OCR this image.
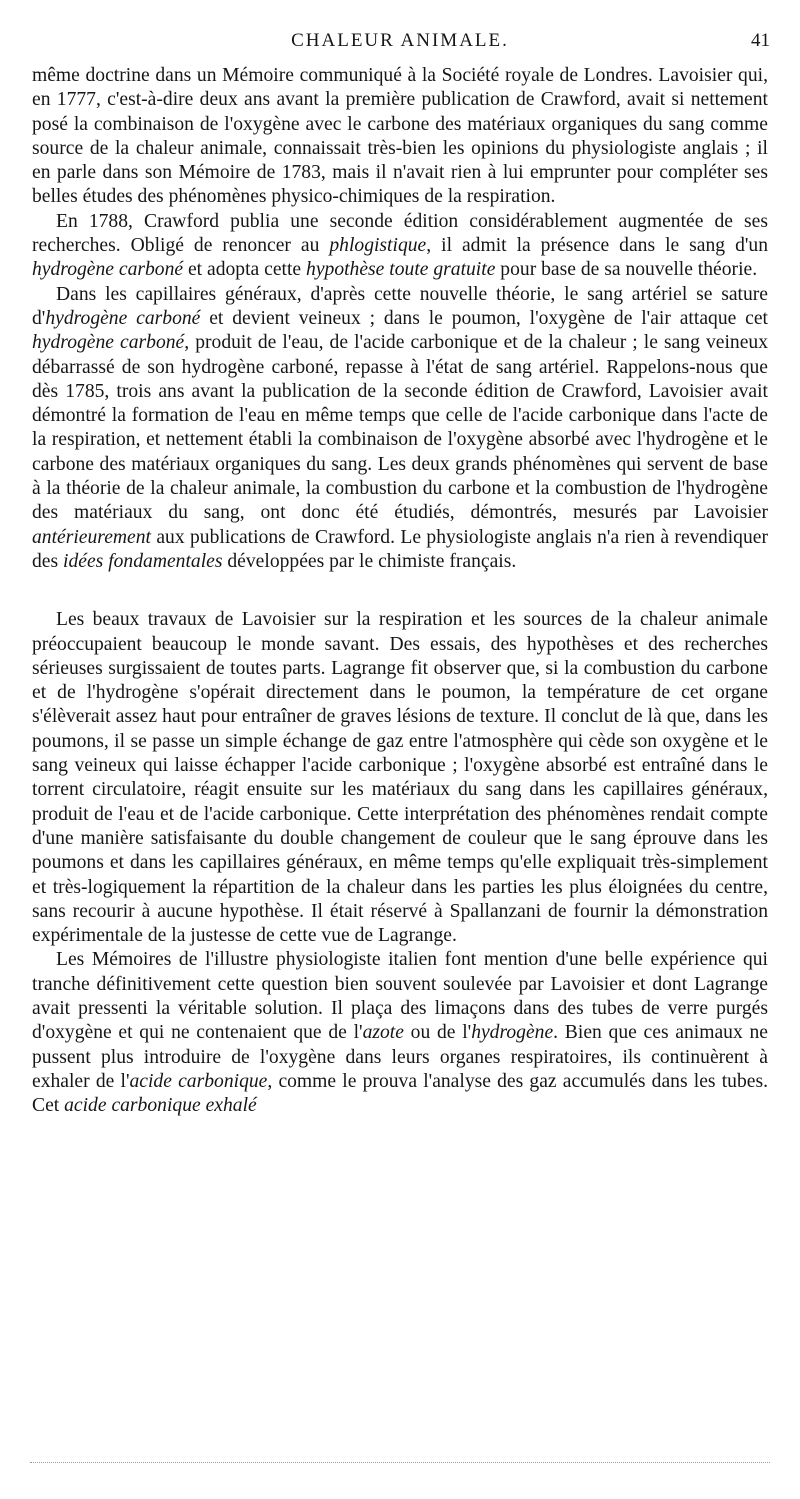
CHALEUR ANIMALE.	41

même doctrine dans un Mémoire communiqué à la Société royale de Londres. Lavoisier qui, en 1777, c'est-à-dire deux ans avant la première publication de Crawford, avait si nettement posé la combinaison de l'oxygène avec le carbone des matériaux organiques du sang comme source de la chaleur animale, connaissait très-bien les opinions du physiologiste anglais ; il en parle dans son Mémoire de 1783, mais il n'avait rien à lui emprunter pour compléter ses belles études des phénomènes physico-chimiques de la respiration.

En 1788, Crawford publia une seconde édition considérablement augmentée de ses recherches. Obligé de renoncer au phlogistique, il admit la présence dans le sang d'un hydrogène carboné et adopta cette hypothèse toute gratuite pour base de sa nouvelle théorie.

Dans les capillaires généraux, d'après cette nouvelle théorie, le sang artériel se sature d'hydrogène carboné et devient veineux ; dans le poumon, l'oxygène de l'air attaque cet hydrogène carboné, produit de l'eau, de l'acide carbonique et de la chaleur ; le sang veineux débarrassé de son hydrogène carboné, repasse à l'état de sang artériel. Rappelons-nous que dès 1785, trois ans avant la publication de la seconde édition de Crawford, Lavoisier avait démontré la formation de l'eau en même temps que celle de l'acide carbonique dans l'acte de la respiration, et nettement établi la combinaison de l'oxygène absorbé avec l'hydrogène et le carbone des matériaux organiques du sang. Les deux grands phénomènes qui servent de base à la théorie de la chaleur animale, la combustion du carbone et la combustion de l'hydrogène des matériaux du sang, ont donc été étudiés, démontrés, mesurés par Lavoisier antérieurement aux publications de Crawford. Le physiologiste anglais n'a rien à revendiquer des idées fondamentales développées par le chimiste français.

Les beaux travaux de Lavoisier sur la respiration et les sources de la chaleur animale préoccupaient beaucoup le monde savant. Des essais, des hypothèses et des recherches sérieuses surgissaient de toutes parts. Lagrange fit observer que, si la combustion du carbone et de l'hydrogène s'opérait directement dans le poumon, la température de cet organe s'élèverait assez haut pour entraîner de graves lésions de texture. Il conclut de là que, dans les poumons, il se passe un simple échange de gaz entre l'atmosphère qui cède son oxygène et le sang veineux qui laisse échapper l'acide carbonique ; l'oxygène absorbé est entraîné dans le torrent circulatoire, réagit ensuite sur les matériaux du sang dans les capillaires généraux, produit de l'eau et de l'acide carbonique. Cette interprétation des phénomènes rendait compte d'une manière satisfaisante du double changement de couleur que le sang éprouve dans les poumons et dans les capillaires généraux, en même temps qu'elle expliquait très-simplement et très-logiquement la répartition de la chaleur dans les parties les plus éloignées du centre, sans recourir à aucune hypothèse. Il était réservé à Spallanzani de fournir la démonstration expérimentale de la justesse de cette vue de Lagrange.

Les Mémoires de l'illustre physiologiste italien font mention d'une belle expérience qui tranche définitivement cette question bien souvent soulevée par Lavoisier et dont Lagrange avait pressenti la véritable solution. Il plaça des limaçons dans des tubes de verre purgés d'oxygène et qui ne contenaient que de l'azote ou de l'hydrogène. Bien que ces animaux ne pussent plus introduire de l'oxygène dans leurs organes respiratoires, ils continuèrent à exhaler de l'acide carbonique, comme le prouva l'analyse des gaz accumulés dans les tubes. Cet acide carbonique exhalé
